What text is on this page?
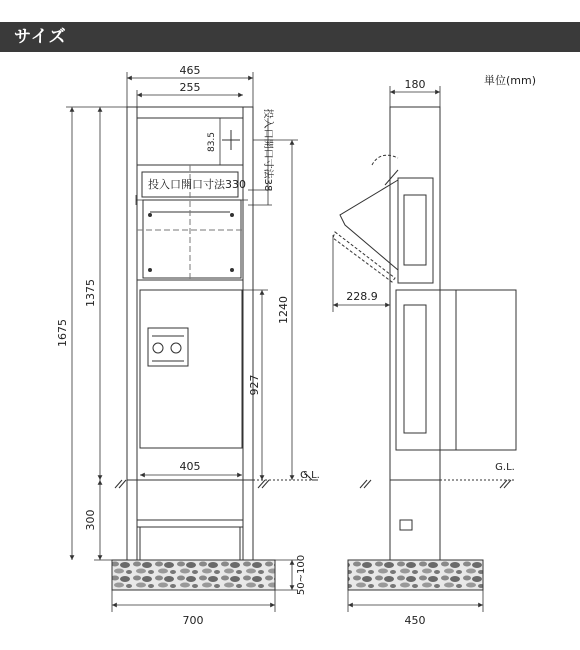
サイズ
単位(mm)
465
255
投入口開口寸法330
405
700
G.L.
1675
1375
300
1240
927
83.5	投入口開口寸法38
50~100
180
228.9
450
G.L.
